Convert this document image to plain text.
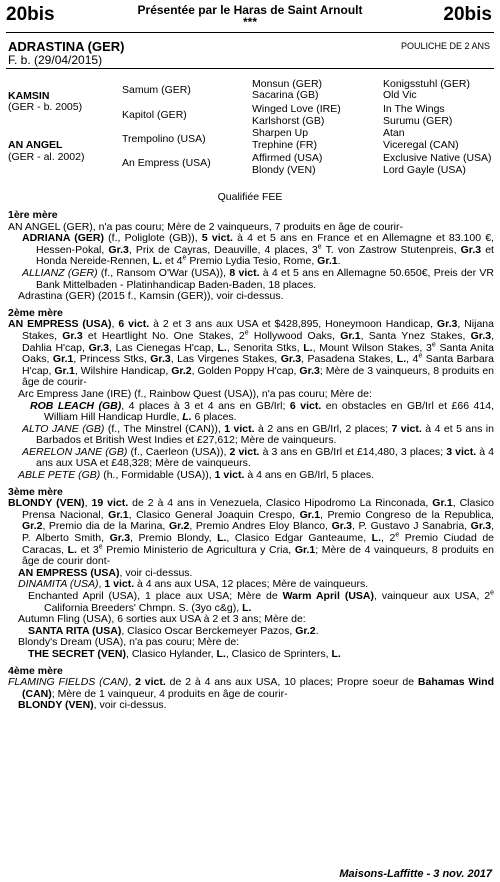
20bis	Présentée par le Haras de Saint Arnoult
***	20bis
ADRASTINA (GER)
F. b. (29/04/2015)
POULICHE DE 2 ANS
KAMSIN
(GER - b. 2005)
AN ANGEL
(GER - al. 2002)
Samum (GER)
Kapitol (GER)
Trempolino (USA)
An Empress (USA)
Monsun (GER)
Sacarina (GB)
Winged Love (IRE)
Karlshorst (GB)
Sharpen Up
Trephine (FR)
Affirmed (USA)
Blondy (VEN)
Konigsstuhl (GER)
Old Vic
In The Wings
Surumu (GER)
Atan
Viceregal (CAN)
Exclusive Native (USA)
Lord Gayle (USA)
Qualifiée FEE

1ère mère

AN ANGEL (GER), n'a pas couru; Mère de 2 vainqueurs, 7 produits en âge de courir-

ADRIANA (GER) (f., Poliglote (GB)), 5 vict. à 4 et 5 ans en France et en Allemagne et 83.100 €, Hessen-Pokal, Gr.3, Prix de Cayras, Deauville, 4 places, 3e T. von Zastrow Stutenpreis, Gr.3 et Honda Nereide-Rennen, L. et 4e Premio Lydia Tesio, Rome, Gr.1.

ALLIANZ (GER) (f., Ransom O'War (USA)), 8 vict. à 4 et 5 ans en Allemagne 50.650€, Preis der VR Bank Mittelbaden - Platinhandicap Baden-Baden, 18 places.

Adrastina (GER) (2015 f., Kamsin (GER)), voir ci-dessus.

2ème mère

AN EMPRESS (USA), 6 vict. à 2 et 3 ans aux USA et $428,895, Honeymoon Handicap, Gr.3, Nijana Stakes, Gr.3 et Heartlight No. One Stakes, 2e Hollywood Oaks, Gr.1, Santa Ynez Stakes, Gr.3, Dahlia H'cap, Gr.3, Las Cienegas H'cap, L., Senorita Stks, L., Mount Wilson Stakes, 3e Santa Anita Oaks, Gr.1, Princess Stks, Gr.3, Las Virgenes Stakes, Gr.3, Pasadena Stakes, L., 4e Santa Barbara H'cap, Gr.1, Wilshire Handicap, Gr.2, Golden Poppy H'cap, Gr.3; Mère de 3 vainqueurs, 8 produits en âge de courir-

Arc Empress Jane (IRE) (f., Rainbow Quest (USA)), n'a pas couru; Mère de:

ROB LEACH (GB), 4 places à 3 et 4 ans en GB/Irl; 6 vict. en obstacles en GB/Irl et £66 414, William Hill Handicap Hurdle, L. 6 places.

ALTO JANE (GB) (f., The Minstrel (CAN)), 1 vict. à 2 ans en GB/Irl, 2 places; 7 vict. à 4 et 5 ans in Barbados et British West Indies et £27,612; Mère de vainqueurs.

AERELON JANE (GB) (f., Caerleon (USA)), 2 vict. à 3 ans en GB/Irl et £14,480, 3 places; 3 vict. à 4 ans aux USA et £48,328; Mère de vainqueurs.

ABLE PETE (GB) (h., Formidable (USA)), 1 vict. à 4 ans en GB/Irl, 5 places.

3ème mère

BLONDY (VEN), 19 vict. de 2 à 4 ans in Venezuela, Clasico Hipodromo La Rinconada, Gr.1, Clasico Prensa Nacional, Gr.1, Clasico General Joaquin Crespo, Gr.1, Premio Congreso de la Republica, Gr.2, Premio dia de la Marina, Gr.2, Premio Andres Eloy Blanco, Gr.3, P. Gustavo J Sanabria, Gr.3, P. Alberto Smith, Gr.3, Premio Blondy, L., Clasico Edgar Ganteaume, L., 2e Premio Ciudad de Caracas, L. et 3e Premio Ministerio de Agricultura y Cria, Gr.1; Mère de 4 vainqueurs, 8 produits en âge de courir dont-

AN EMPRESS (USA), voir ci-dessus.

DINAMITA (USA), 1 vict. à 4 ans aux USA, 12 places; Mère de vainqueurs.

Enchanted April (USA), 1 place aux USA; Mère de Warm April (USA), vainqueur aux USA, 2e California Breeders' Chmpn. S. (3yo c&g), L.

Autumn Fling (USA), 6 sorties aux USA à 2 et 3 ans; Mère de:

SANTA RITA (USA), Clasico Oscar Berckemeyer Pazos, Gr.2.

Blondy's Dream (USA), n'a pas couru; Mère de:

THE SECRET (VEN), Clasico Hylander, L., Clasico de Sprinters, L.

4ème mère

FLAMING FIELDS (CAN), 2 vict. de 2 à 4 ans aux USA, 10 places; Propre soeur de Bahamas Wind (CAN); Mère de 1 vainqueur, 4 produits en âge de courir-

BLONDY (VEN), voir ci-dessus.

Maisons-Laffitte - 3 nov. 2017
